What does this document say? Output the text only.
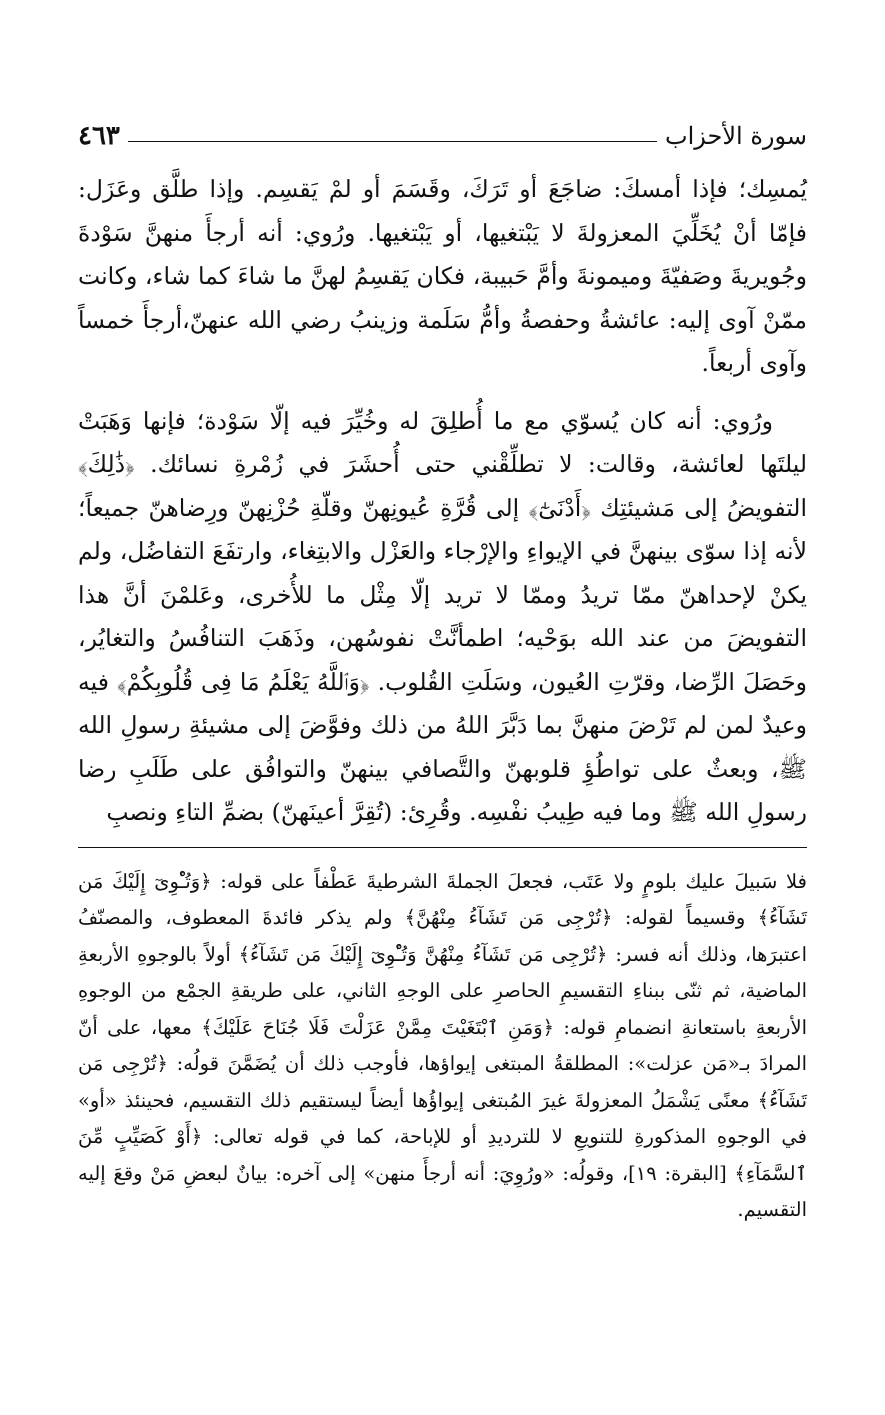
سورة الأحزاب
٤٦٣

يُمسِك؛ فإذا أمسكَ: ضاجَعَ أو تَرَكَ، وقَسَمَ أو لمْ يَقسِم. وإذا طلَّق وعَزَل: فإمّا أنْ يُخَلِّيَ المعزولةَ لا يَبْتغيها، أو يَبْتغيها. ورُوي: أنه أرجأَ منهنَّ سَوْدةَ وجُويريةَ وصَفيّةَ وميمونةَ وأمَّ حَبيبة، فكان يَقسِمُ لهنَّ ما شاءَ كما شاء، وكانت ممّنْ آوى إليه: عائشةُ وحفصةُ وأمُّ سَلَمة وزينبُ رضي الله عنهنّ،أرجأَ خمساً وآوى أربعاً.

ورُوي: أنه كان يُسوّي مع ما أُطلِقَ له وخُيِّرَ فيه إلّا سَوْدة؛ فإنها وَهَبَتْ ليلتَها لعائشة، وقالت: لا تطلِّقْني حتى أُحشَرَ في زُمْرةِ نسائك. ﴿ذَٰلِكَ﴾ التفويضُ إلى مَشيئتِك ﴿أَدْنَىٰٓ﴾ إلى قُرَّةِ عُيونِهنّ وقلّةِ حُزْنِهنّ ورِضاهنّ جميعاً؛ لأنه إذا سوّى بينهنَّ في الإيواءِ والإرْجاء والعَزْل والابتِغاء، وارتفَعَ التفاضُل، ولم يكنْ لإحداهنّ ممّا تريدُ وممّا لا تريد إلّا مِثْل ما للأُخرى، وعَلمْنَ أنَّ هذا التفويضَ من عند الله بوَحْيه؛ اطمأنَّتْ نفوسُهن، وذَهَبَ التنافُسُ والتغايُر، وحَصَلَ الرِّضا، وقرّتِ العُيون، وسَلَتِ القُلوب. ﴿وَٱللَّهُ يَعْلَمُ مَا فِى قُلُوبِكُمْ﴾ فيه وعيدٌ لمن لم تَرْضَ منهنَّ بما دَبَّرَ اللهُ من ذلك وفوَّضَ إلى مشيئةِ رسولِ الله ﷺ، وبعثٌ على تواطُؤِ قلوبهنّ والتَّصافي بينهنّ والتوافُق على طَلَبِ رضا رسولِ الله ﷺ وما فيه طِيبُ نفْسِه. وقُرِئ: (تُقِرَّ أعينَهنّ) بضمِّ التاءِ ونصبِ

فلا سَبيلَ عليك بلومٍ ولا عَتَب، فجعلَ الجملةَ الشرطيةَ عَطْفاً على قوله: ﴿وَتُـْٔوِىٓ إِلَيْكَ مَن تَشَآءُ﴾ وقسيماً لقوله: ﴿تُرْجِى مَن تَشَآءُ مِنْهُنَّ﴾ ولم يذكر فائدةَ المعطوف، والمصنّفُ اعتبرَها، وذلك أنه فسر: ﴿تُرْجِى مَن تَشَآءُ مِنْهُنَّ وَتُـْٔوِىٓ إِلَيْكَ مَن تَشَآءُ﴾ أولاً بالوجوهِ الأربعةِ الماضية، ثم ثنّى ببناءِ التقسيمِ الحاصرِ على الوجهِ الثاني، على طريقةِ الجمْع من الوجوهِ الأربعةِ باستعانةِ انضمامِ قوله: ﴿وَمَنِ ٱبْتَغَيْتَ مِمَّنْ عَزَلْتَ فَلَا جُنَاحَ عَلَيْكَ﴾ معها، على أنّ المرادَ بـ«مَن عزلت»: المطلقةُ المبتغى إيواؤها، فأوجب ذلك أن يُضَمَّنَ قولُه: ﴿تُرْجِى مَن تَشَآءُ﴾ معنًى يَشْمَلُ المعزولةَ غيرَ المُبتغى إيواؤُها أيضاً ليستقيم ذلك التقسيم، فحينئذ «أو» في الوجوهِ المذكورةِ للتنويعِ لا للترديدِ أو للإباحة، كما في قوله تعالى: ﴿أَوْ كَصَيِّبٍ مِّنَ ٱلسَّمَآءِ﴾ [البقرة: ١٩]، وقولُه: «ورُوِيَ: أنه أرجأَ منهن» إلى آخره: بيانٌ لبعضِ مَنْ وقعَ إليه التقسيم.
